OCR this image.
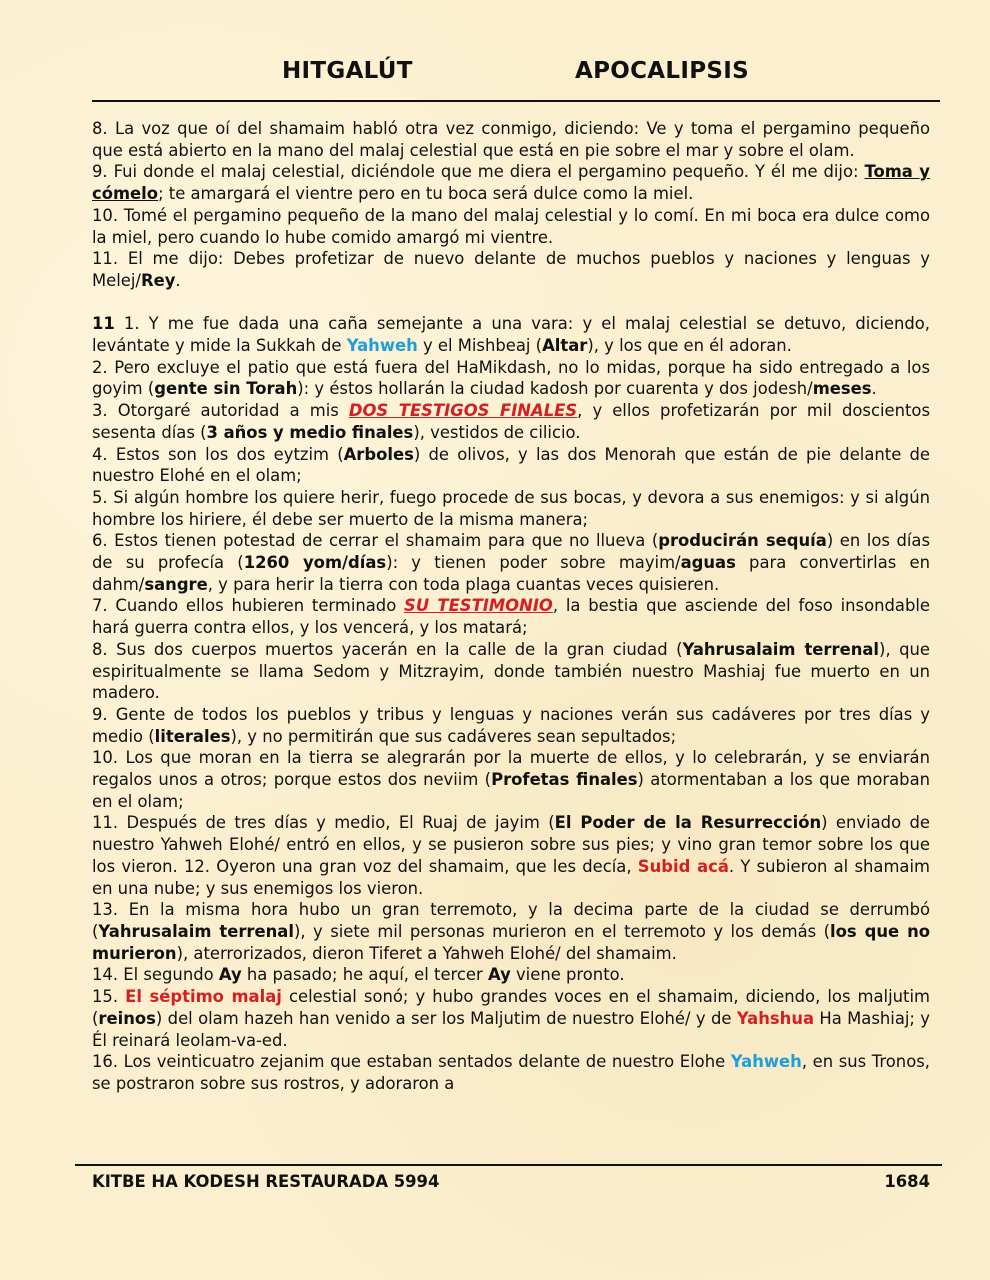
HITGALÚT	APOCALIPSIS

8. La voz que oí del shamaim habló otra vez conmigo, diciendo: Ve y toma el pergamino pequeño que está abierto en la mano del malaj celestial que está en pie sobre el mar y sobre el olam.

9. Fui donde el malaj celestial, diciéndole que me diera el pergamino pequeño. Y él me dijo: Toma y cómelo; te amargará el vientre pero en tu boca será dulce como la miel.

10. Tomé el pergamino pequeño de la mano del malaj celestial y lo comí. En mi boca era dulce como la miel, pero cuando lo hube comido amargó mi vientre.

11. El me dijo: Debes profetizar de nuevo delante de muchos pueblos y naciones y lenguas y Melej/Rey.

11 1. Y me fue dada una caña semejante a una vara: y el malaj celestial se detuvo, diciendo, levántate y mide la Sukkah de Yahweh y el Mishbeaj (Altar), y los que en él adoran.

2. Pero excluye el patio que está fuera del HaMikdash, no lo midas, porque ha sido entregado a los goyim (gente sin Torah): y éstos hollarán la ciudad kadosh por cuarenta y dos jodesh/meses.

3. Otorgaré autoridad a mis DOS TESTIGOS FINALES, y ellos profetizarán por mil doscientos sesenta días (3 años y medio finales), vestidos de cilicio.

4. Estos son los dos eytzim (Arboles) de olivos, y las dos Menorah que están de pie delante de nuestro Elohé en el olam;

5. Si algún hombre los quiere herir, fuego procede de sus bocas, y devora a sus enemigos: y si algún hombre los hiriere, él debe ser muerto de la misma manera;

6. Estos tienen potestad de cerrar el shamaim para que no llueva (producirán sequía) en los días de su profecía (1260 yom/días): y tienen poder sobre mayim/aguas para convertirlas en dahm/sangre, y para herir la tierra con toda plaga cuantas veces quisieren.

7. Cuando ellos hubieren terminado SU TESTIMONIO, la bestia que asciende del foso insondable hará guerra contra ellos, y los vencerá, y los matará;

8. Sus dos cuerpos muertos yacerán en la calle de la gran ciudad (Yahrusalaim terrenal), que espiritualmente se llama Sedom y Mitzrayim, donde también nuestro Mashiaj fue muerto en un madero.

9. Gente de todos los pueblos y tribus y lenguas y naciones verán sus cadáveres por tres días y medio (literales), y no permitirán que sus cadáveres sean sepultados;

10. Los que moran en la tierra se alegrarán por la muerte de ellos, y lo celebrarán, y se enviarán regalos unos a otros; porque estos dos neviim (Profetas finales) atormentaban a los que moraban en el olam;

11. Después de tres días y medio, El Ruaj de jayim (El Poder de la Resurrección) enviado de nuestro Yahweh Elohé/ entró en ellos, y se pusieron sobre sus pies; y vino gran temor sobre los que los vieron. 12. Oyeron una gran voz del shamaim, que les decía, Subid acá. Y subieron al shamaim en una nube; y sus enemigos los vieron.

13. En la misma hora hubo un gran terremoto, y la decima parte de la ciudad se derrumbó (Yahrusalaim terrenal), y siete mil personas murieron en el terremoto y los demás (los que no murieron), aterrorizados, dieron Tiferet a Yahweh Elohé/ del shamaim.

14. El segundo Ay ha pasado; he aquí, el tercer Ay viene pronto.

15. El séptimo malaj celestial sonó; y hubo grandes voces en el shamaim, diciendo, los maljutim (reinos) del olam hazeh han venido a ser los Maljutim de nuestro Elohé/ y de Yahshua Ha Mashiaj; y Él reinará leolam-va-ed.

16. Los veinticuatro zejanim que estaban sentados delante de nuestro Elohe Yahweh, en sus Tronos, se postraron sobre sus rostros, y adoraron a

KITBE HA KODESH RESTAURADA 5994	1684
